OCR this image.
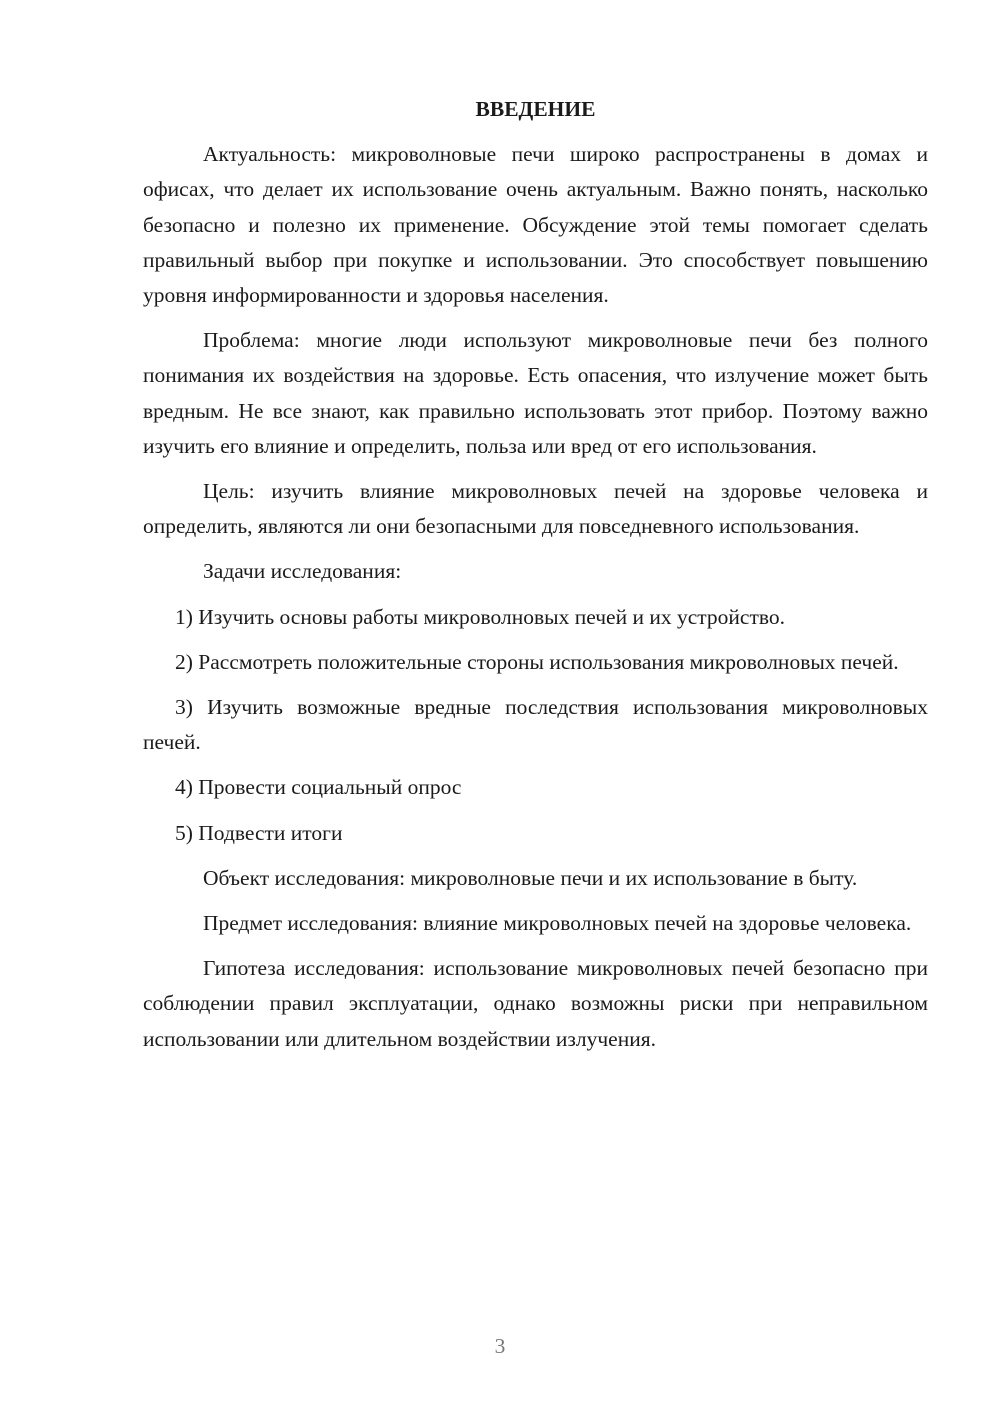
ВВЕДЕНИЕ

Актуальность: микроволновые печи широко распространены в домах и офисах, что делает их использование очень актуальным. Важно понять, насколько безопасно и полезно их применение. Обсуждение этой темы помогает сделать правильный выбор при покупке и использовании. Это способствует повышению уровня информированности и здоровья населения.

Проблема: многие люди используют микроволновые печи без полного понимания их воздействия на здоровье. Есть опасения, что излучение может быть вредным. Не все знают, как правильно использовать этот прибор. Поэтому важно изучить его влияние и определить, польза или вред от его использования.

Цель: изучить влияние микроволновых печей на здоровье человека и определить, являются ли они безопасными для повседневного использования.

Задачи исследования:

1) Изучить основы работы микроволновых печей и их устройство.

2) Рассмотреть положительные стороны использования микроволновых печей.

3) Изучить возможные вредные последствия использования микроволновых печей.

4) Провести социальный опрос

5) Подвести итоги

Объект исследования: микроволновые печи и их использование в быту.

Предмет исследования: влияние микроволновых печей на здоровье человека.

Гипотеза исследования: использование микроволновых печей безопасно при соблюдении правил эксплуатации, однако возможны риски при неправильном использовании или длительном воздействии излучения.

3
